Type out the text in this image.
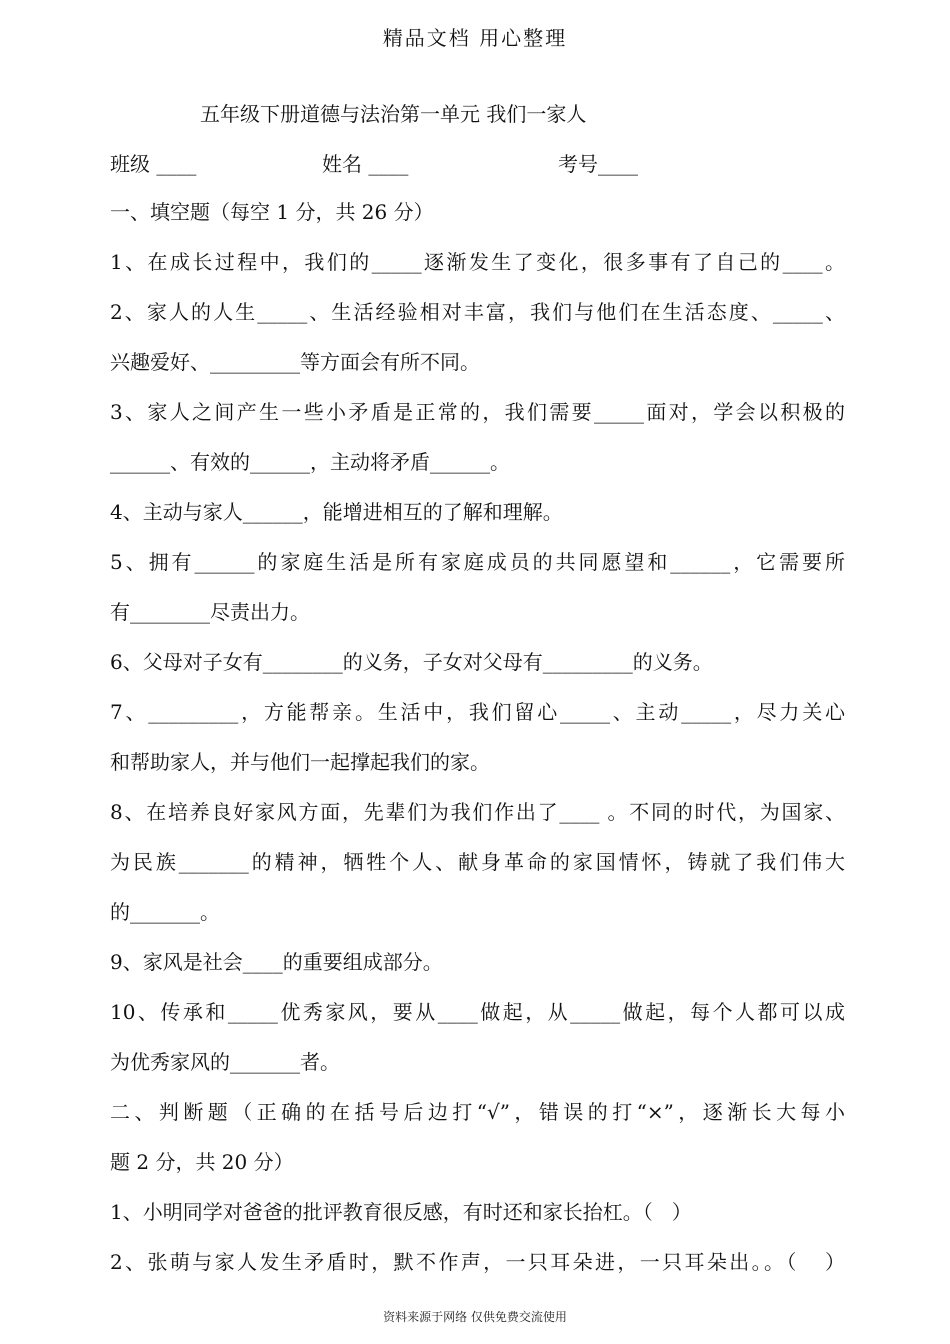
精品文档 用心整理
五年级下册道德与法治第一单元 我们一家人
班级 ____	姓名 ____	考号____
一、填空题（每空 1 分，共 26 分）
1、在成长过程中，我们的_____逐渐发生了变化，很多事有了自己的____。
2、家人的人生_____、生活经验相对丰富，我们与他们在生活态度、_____、
兴趣爱好、_________等方面会有所不同。
3、家人之间产生一些小矛盾是正常的，我们需要_____面对，学会以积极的
______、有效的______，主动将矛盾______。
4、主动与家人______，能增进相互的了解和理解。
5、拥有______的家庭生活是所有家庭成员的共同愿望和______，它需要所
有________尽责出力。
6、父母对子女有________的义务，子女对父母有_________的义务。
7、_________，方能帮亲。生活中，我们留心_____、主动_____，尽力关心
和帮助家人，并与他们一起撑起我们的家。
8、在培养良好家风方面，先辈们为我们作出了____ 。不同的时代，为国家、
为民族_______的精神，牺牲个人、献身革命的家国情怀，铸就了我们伟大
的_______。
9、家风是社会____的重要组成部分。
10、传承和_____优秀家风，要从____做起，从_____做起，每个人都可以成
为优秀家风的_______者。
二、判断题（正确的在括号后边打“√”，错误的打“×”，逐渐长大每小
题 2 分，共 20 分）
1、小明同学对爸爸的批评教育很反感，有时还和家长抬杠。（   ）
2、张萌与家人发生矛盾时，默不作声，一只耳朵进，一只耳朵出。。（   ）
资料来源于网络 仅供免费交流使用
